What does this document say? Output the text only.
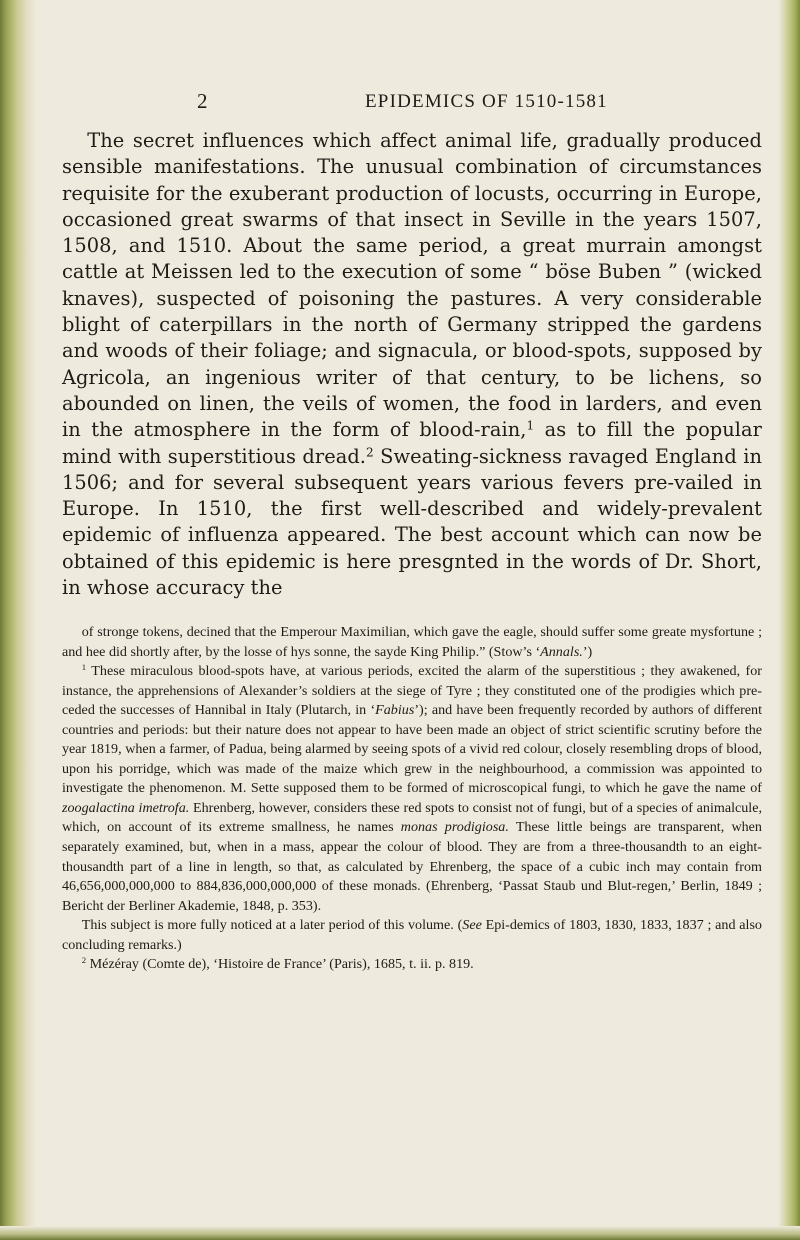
2	EPIDEMICS OF 1510-1581

The secret influences which affect animal life, gradually produced sensible manifestations. The unusual combination of circumstances requisite for the exuberant production of locusts, occurring in Europe, occasioned great swarms of that insect in Seville in the years 1507, 1508, and 1510. About the same period, a great murrain amongst cattle at Meissen led to the execution of some “ böse Buben ” (wicked knaves), suspected of poisoning the pastures. A very considerable blight of caterpillars in the north of Germany stripped the gardens and woods of their foliage; and signacula, or blood-spots, supposed by Agricola, an ingenious writer of that century, to be lichens, so abounded on linen, the veils of women, the food in larders, and even in the atmosphere in the form of blood-rain,$^1$ as to fill the popular mind with superstitious dread.$^2$ Sweating-sickness ravaged England in 1506; and for several subsequent years various fevers pre-vailed in Europe. In 1510, the first well-described and widely-prevalent epidemic of influenza appeared. The best account which can now be obtained of this epidemic is here presgnted in the words of Dr. Short, in whose accuracy the

of stronge tokens, decined that the Emperour Maximilian, which gave the eagle, should suffer some greate mysfortune ; and hee did shortly after, by the losse of hys sonne, the sayde King Philip.” (Stow’s ‘Annals.’)

$^1$ These miraculous blood-spots have, at various periods, excited the alarm of the superstitious ; they awakened, for instance, the apprehensions of Alexander’s soldiers at the siege of Tyre ; they constituted one of the prodigies which pre-ceded the successes of Hannibal in Italy (Plutarch, in ‘Fabius’); and have been frequently recorded by authors of different countries and periods: but their nature does not appear to have been made an object of strict scientific scrutiny before the year 1819, when a farmer, of Padua, being alarmed by seeing spots of a vivid red colour, closely resembling drops of blood, upon his porridge, which was made of the maize which grew in the neighbourhood, a commission was appointed to investigate the phenomenon. M. Sette supposed them to be formed of microscopical fungi, to which he gave the name of zoogalactina imetrofa. Ehrenberg, however, considers these red spots to consist not of fungi, but of a species of animalcule, which, on account of its extreme smallness, he names monas prodigiosa. These little beings are transparent, when separately examined, but, when in a mass, appear the colour of blood. They are from a three-thousandth to an eight-thousandth part of a line in length, so that, as calculated by Ehrenberg, the space of a cubic inch may contain from 46,656,000,000,000 to 884,836,000,000,000 of these monads. (Ehrenberg, ‘Passat Staub und Blut-regen,’ Berlin, 1849 ; Bericht der Berliner Akademie, 1848, p. 353).

This subject is more fully noticed at a later period of this volume. (See Epi-demics of 1803, 1830, 1833, 1837 ; and also concluding remarks.)

$^2$ Mézéray (Comte de), ‘Histoire de France’ (Paris), 1685, t. ii. p. 819.
